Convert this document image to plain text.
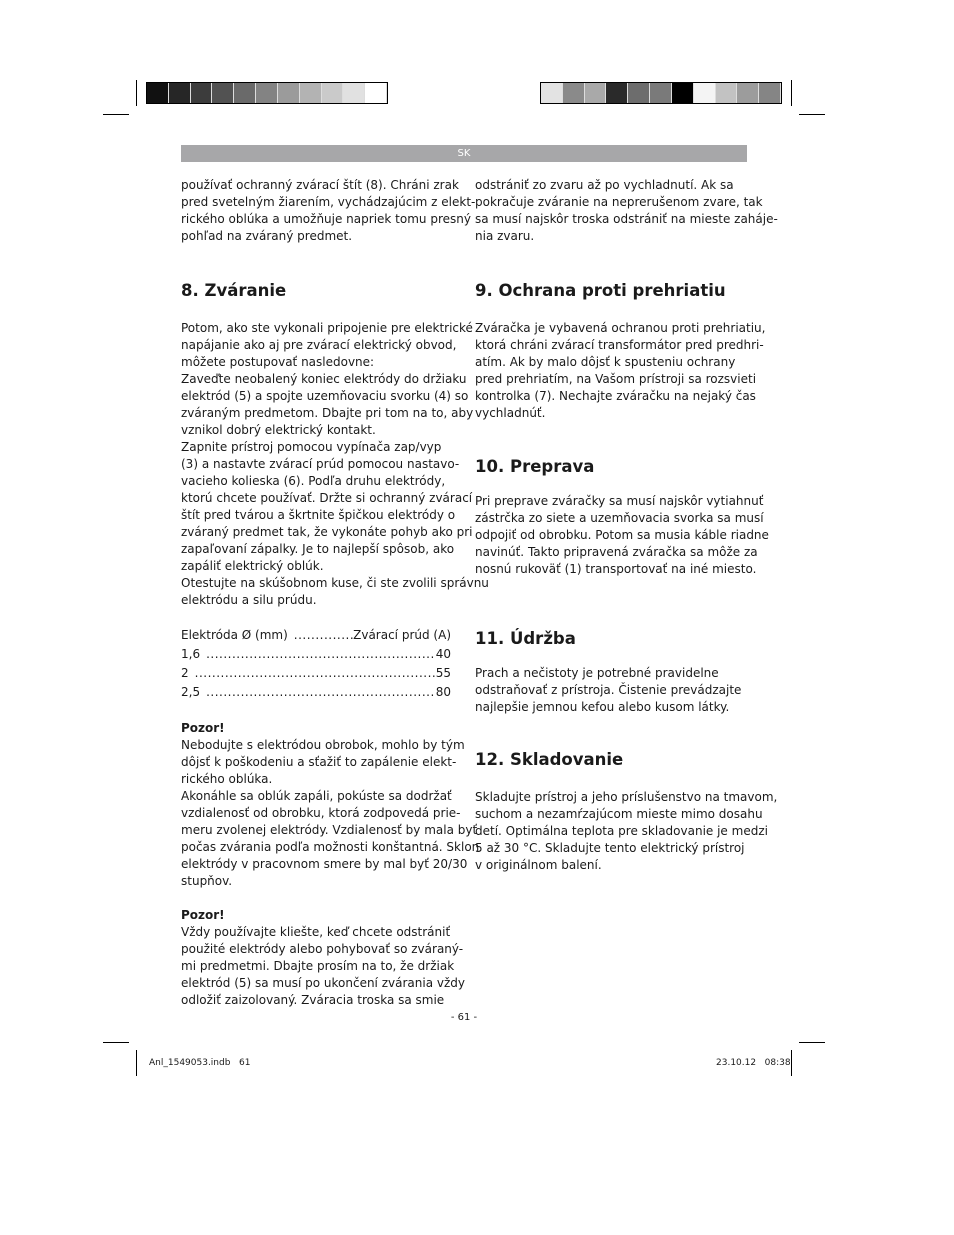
SK

používať ochranný zvárací štít (8). Chráni zrak

pred svetelným žiarením, vychádzajúcim z elekt-

rického oblúka a umožňuje napriek tomu presný

pohľad na zváraný predmet.

8. Zváranie

Potom, ako ste vykonali pripojenie pre elektrické

napájanie ako aj pre zvárací elektrický obvod,

môžete postupovať nasledovne:

Zaveďte neobalený koniec elektródy do držiaku

elektród (5) a spojte uzemňovaciu svorku (4) so

zváraným predmetom. Dbajte pri tom na to, aby

vznikol dobrý elektrický kontakt.

Zapnite prístroj pomocou vypínača zap/vyp

(3) a nastavte zvárací prúd pomocou nastavo-

vacieho kolieska (6). Podľa druhu elektródy,

ktorú chcete používať. Držte si ochranný zvárací

štít pred tvárou a škrtnite špičkou elektródy o

zváraný predmet tak, že vykonáte pohyb ako pri

zapaľovaní zápalky. Je to najlepší spôsob, ako

zapáliť elektrický oblúk.

Otestujte na skúšobnom kuse, či ste zvolili správnu

elektródu a silu prúdu.

Elektróda Ø (mm) .....	Zvárací prúd (A)
1,6 .....	40
2 .....	55
2,5 .....	80

Pozor!

Nebodujte s elektródou obrobok, mohlo by tým

dôjsť k poškodeniu a sťažiť to zapálenie elekt-

rického oblúka.

Akonáhle sa oblúk zapáli, pokúste sa dodržať

vzdialenosť od obrobku, ktorá zodpovedá prie-

meru zvolenej elektródy. Vzdialenosť by mala byť

počas zvárania podľa možnosti konštantná. Sklon

elektródy v pracovnom smere by mal byť 20/30

stupňov.

Pozor!

Vždy používajte kliešte, keď chcete odstrániť

použité elektródy alebo pohybovať so zváraný-

mi predmetmi. Dbajte prosím na to, že držiak

elektród (5) sa musí po ukončení zvárania vždy

odložiť zaizolovaný. Zváracia troska sa smie

odstrániť zo zvaru až po vychladnutí. Ak sa

pokračuje zváranie na neprerušenom zvare, tak

sa musí najskôr troska odstrániť na mieste zaháje-

nia zvaru.

9. Ochrana proti prehriatiu

Zváračka je vybavená ochranou proti prehriatiu,

ktorá chráni zvárací transformátor pred predhri-

atím. Ak by malo dôjsť k spusteniu ochrany

pred prehriatím, na Vašom prístroji sa rozsvieti

kontrolka (7). Nechajte zváračku na nejaký čas

vychladnúť.

10. Preprava

Pri preprave zváračky sa musí najskôr vytiahnuť

zástrčka zo siete a uzemňovacia svorka sa musí

odpojiť od obrobku. Potom sa musia káble riadne

navinúť. Takto pripravená zváračka sa môže za

nosnú rukoväť (1) transportovať na iné miesto.

11. Údržba

Prach a nečistoty je potrebné pravidelne

odstraňovať z prístroja. Čistenie prevádzajte

najlepšie jemnou kefou alebo kusom látky.

12. Skladovanie

Skladujte prístroj a jeho príslušenstvo na tmavom,

suchom a nezamŕzajúcom mieste mimo dosahu

detí. Optimálna teplota pre skladovanie je medzi

5 až 30 °C. Skladujte tento elektrický prístroj

v originálnom balení.

- 61 -
Anl_1549053.indb   61	23.10.12   08:38
